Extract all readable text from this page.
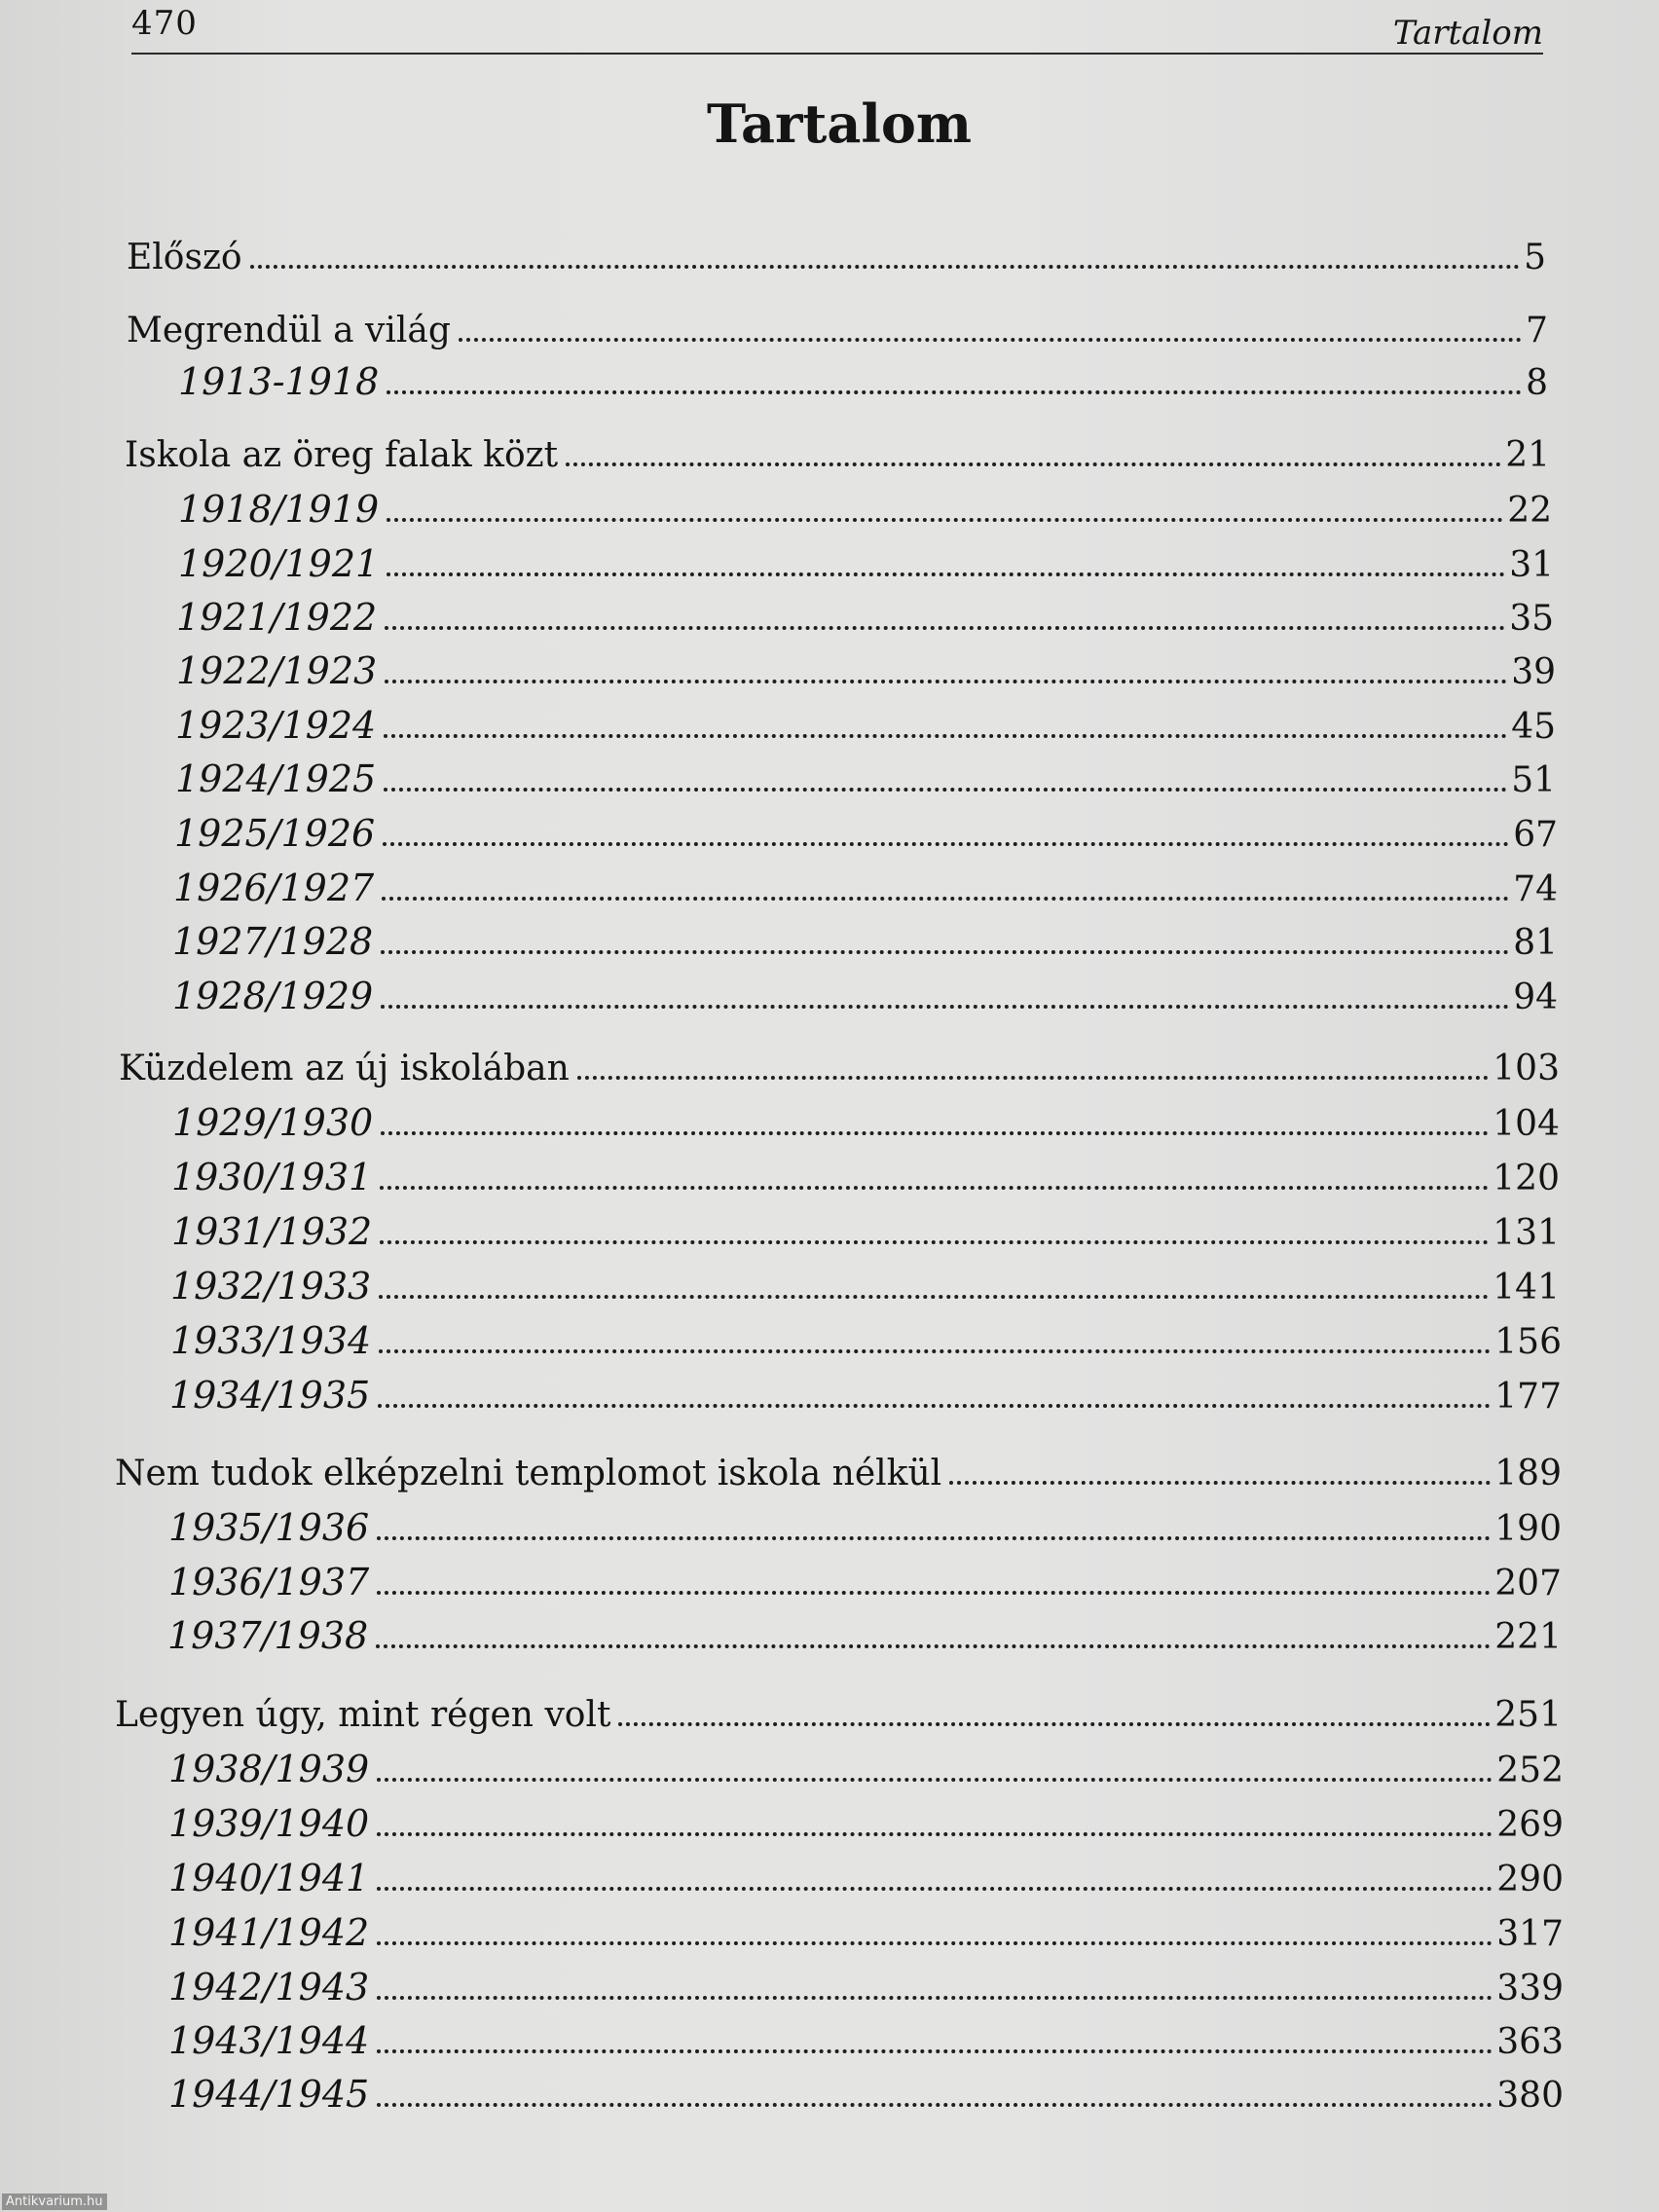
470	Tartalom
Tartalom
Előszó	5
Megrendül a világ	7
1913-1918	8
Iskola az öreg falak közt	21
1918/1919	22
1920/1921	31
1921/1922	35
1922/1923	39
1923/1924	45
1924/1925	51
1925/1926	67
1926/1927	74
1927/1928	81
1928/1929	94
Küzdelem az új iskolában	103
1929/1930	104
1930/1931	120
1931/1932	131
1932/1933	141
1933/1934	156
1934/1935	177
Nem tudok elképzelni templomot iskola nélkül	189
1935/1936	190
1936/1937	207
1937/1938	221
Legyen úgy, mint régen volt	251
1938/1939	252
1939/1940	269
1940/1941	290
1941/1942	317
1942/1943	339
1943/1944	363
1944/1945	380
Antikvarium.hu
